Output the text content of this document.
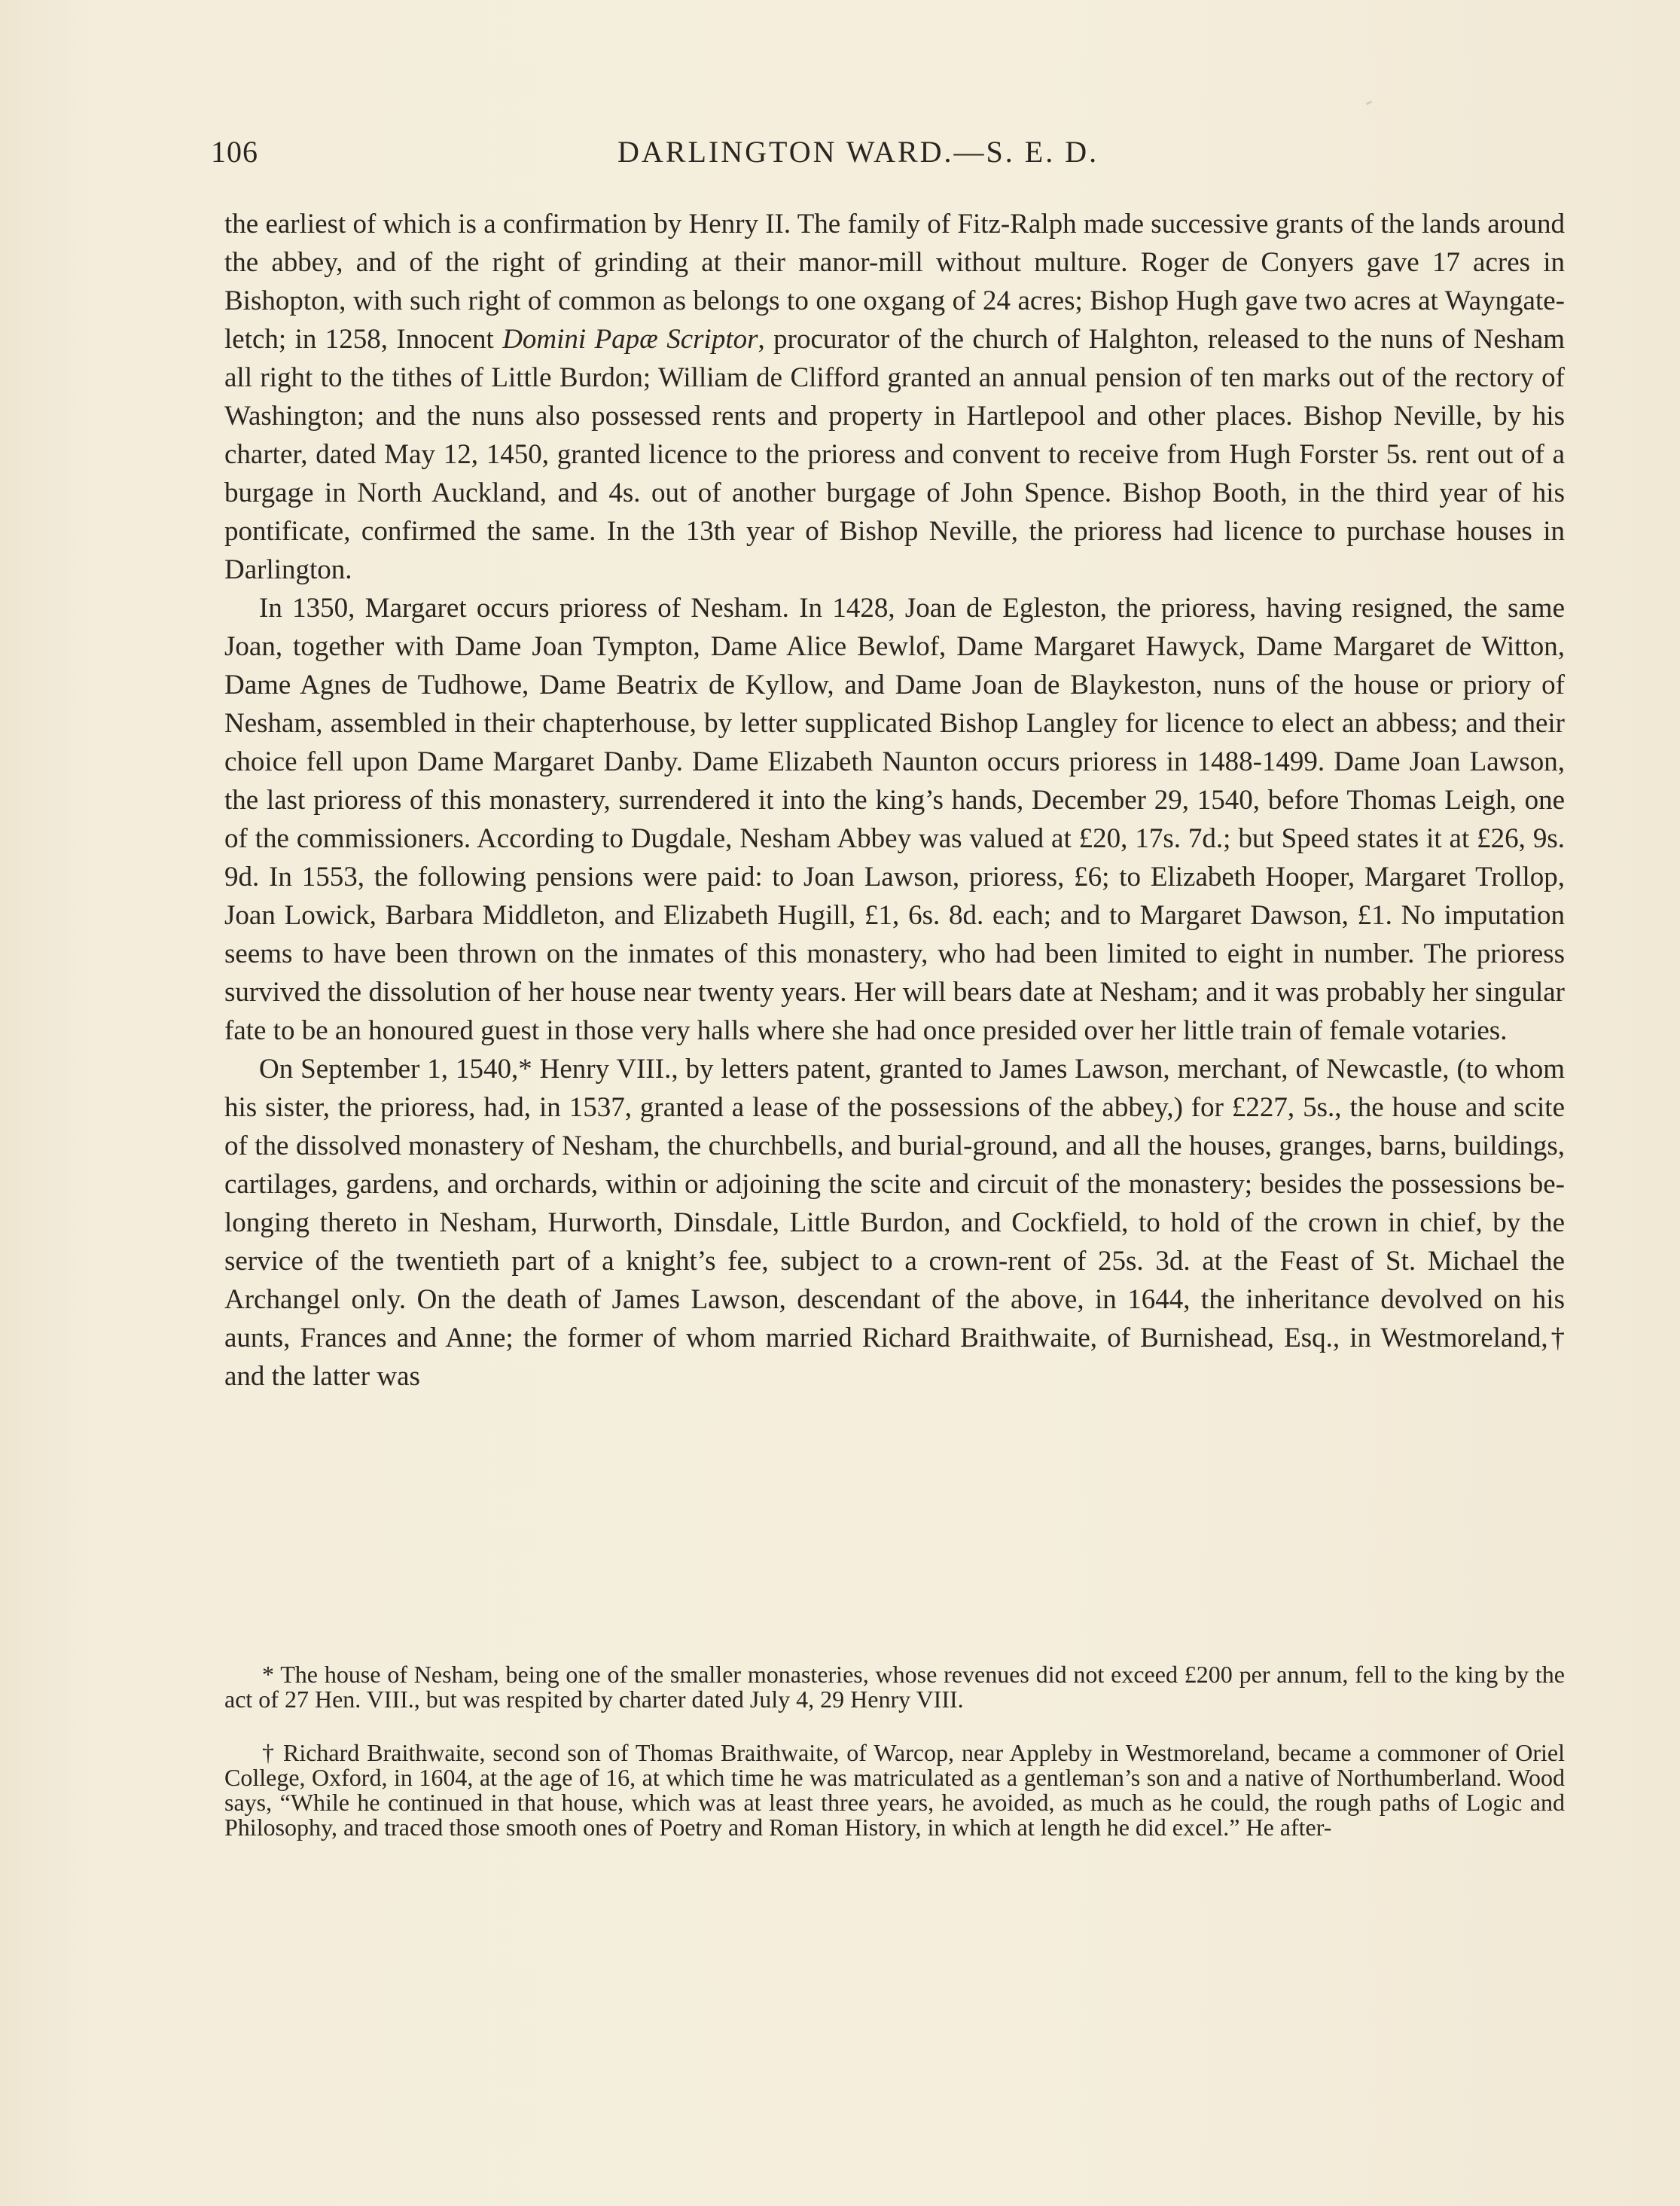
106	DARLINGTON WARD.—S. E. D.

the earliest of which is a confirmation by Henry II. The family of Fitz-Ralph made successive grants of the lands around the abbey, and of the right of grinding at their manor-mill without multure. Roger de Conyers gave 17 acres in Bishopton, with such right of common as belongs to one oxgang of 24 acres; Bishop Hugh gave two acres at Wayngate-letch; in 1258, Innocent Domini Papæ Scriptor, procurator of the church of Halghton, released to the nuns of Nesham all right to the tithes of Little Burdon; William de Clifford granted an annual pension of ten marks out of the rectory of Washington; and the nuns also possessed rents and property in Hartlepool and other places. Bishop Neville, by his charter, dated May 12, 1450, granted licence to the prioress and convent to receive from Hugh Forster 5s. rent out of a burgage in North Auckland, and 4s. out of another burgage of John Spence. Bishop Booth, in the third year of his pontificate, confirmed the same. In the 13th year of Bishop Neville, the prioress had licence to purchase houses in Darlington.

In 1350, Margaret occurs prioress of Nesham. In 1428, Joan de Egleston, the prioress, having resigned, the same Joan, together with Dame Joan Tympton, Dame Alice Bewlof, Dame Margaret Hawyck, Dame Margaret de Witton, Dame Agnes de Tudhowe, Dame Beatrix de Kyllow, and Dame Joan de Blaykeston, nuns of the house or priory of Nesham, assembled in their chapterhouse, by letter supplicated Bishop Langley for licence to elect an abbess; and their choice fell upon Dame Margaret Danby. Dame Elizabeth Naunton occurs prioress in 1488-1499. Dame Joan Lawson, the last prioress of this monastery, surrendered it into the king’s hands, December 29, 1540, before Thomas Leigh, one of the commissioners. According to Dugdale, Nesham Abbey was valued at £20, 17s. 7d.; but Speed states it at £26, 9s. 9d. In 1553, the following pensions were paid: to Joan Lawson, prioress, £6; to Elizabeth Hooper, Margaret Trollop, Joan Lowick, Barbara Middleton, and Elizabeth Hugill, £1, 6s. 8d. each; and to Margaret Dawson, £1. No imputation seems to have been thrown on the inmates of this monastery, who had been limited to eight in number. The prioress survived the dissolution of her house near twenty years. Her will bears date at Nesham; and it was probably her singular fate to be an honoured guest in those very halls where she had once presided over her little train of female votaries.

On September 1, 1540,* Henry VIII., by letters patent, granted to James Lawson, merchant, of Newcastle, (to whom his sister, the prioress, had, in 1537, granted a lease of the possessions of the abbey,) for £227, 5s., the house and scite of the dissolved monastery of Nesham, the churchbells, and burial-ground, and all the houses, granges, barns, buildings, cartilages, gardens, and orchards, within or adjoining the scite and circuit of the monastery; besides the possessions belonging thereto in Nesham, Hurworth, Dinsdale, Little Burdon, and Cockfield, to hold of the crown in chief, by the service of the twentieth part of a knight’s fee, subject to a crown-rent of 25s. 3d. at the Feast of St. Michael the Archangel only. On the death of James Lawson, descendant of the above, in 1644, the inheritance devolved on his aunts, Frances and Anne; the former of whom married Richard Braithwaite, of Burnishead, Esq., in Westmoreland,† and the latter was

* The house of Nesham, being one of the smaller monasteries, whose revenues did not exceed £200 per annum, fell to the king by the act of 27 Hen. VIII., but was respited by charter dated July 4, 29 Henry VIII.

† Richard Braithwaite, second son of Thomas Braithwaite, of Warcop, near Appleby in Westmoreland, became a commoner of Oriel College, Oxford, in 1604, at the age of 16, at which time he was matriculated as a gentleman’s son and a native of Northumberland. Wood says, “While he continued in that house, which was at least three years, he avoided, as much as he could, the rough paths of Logic and Philosophy, and traced those smooth ones of Poetry and Roman History, in which at length he did excel.” He after-
